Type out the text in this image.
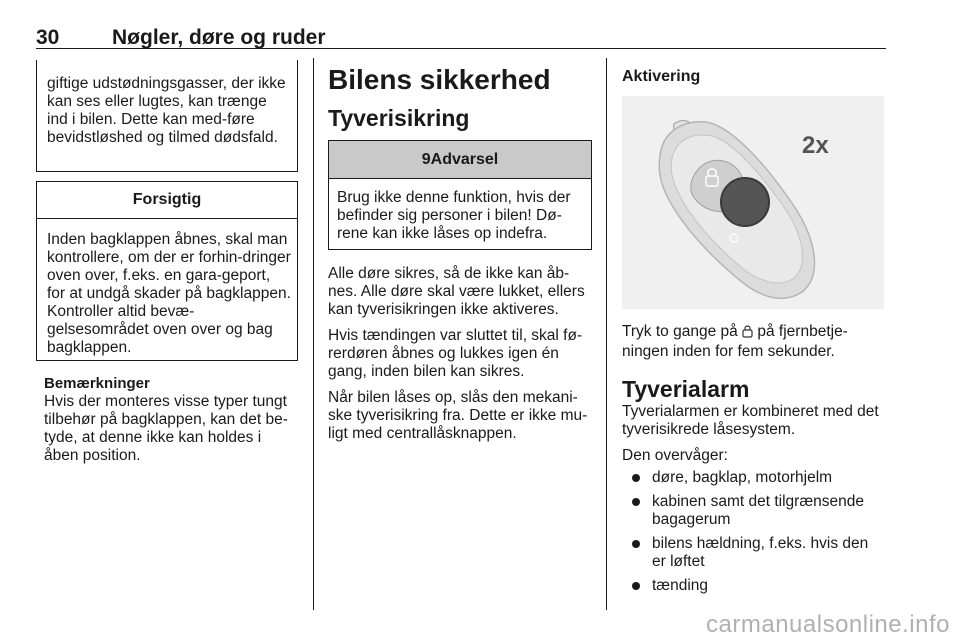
30	Nøgler, døre og ruder

giftige udstødningsgasser, der ikke kan ses eller lugtes, kan trænge ind i bilen. Dette kan med-føre bevidstløshed og tilmed dødsfald.

Forsigtig

Inden bagklappen åbnes, skal man kontrollere, om der er forhin-dringer oven over, f.eks. en gara-geport, for at undgå skader på bagklappen. Kontroller altid bevæ-gelsesområdet oven over og bag bagklappen.

Bemærkninger

Hvis der monteres visse typer tungt tilbehør på bagklappen, kan det be-tyde, at denne ikke kan holdes i åben position.

Bilens sikkerhed
Tyverisikring
9Advarsel

Brug ikke denne funktion, hvis der befinder sig personer i bilen! Dø-rene kan ikke låses op indefra.

Alle døre sikres, så de ikke kan åb-nes. Alle døre skal være lukket, ellers kan tyverisikringen ikke aktiveres.

Hvis tændingen var sluttet til, skal fø-rerdøren åbnes og lukkes igen én gang, inden bilen kan sikres.

Når bilen låses op, slås den mekani-ske tyverisikring fra. Dette er ikke mu-ligt med centrallåsknappen.

Aktivering
2x

Tryk to gange på på fjernbetje-ningen inden for fem sekunder.

Tyverialarm

Tyverialarmen er kombineret med det tyverisikrede låsesystem.

Den overvåger:

døre, bagklap, motorhjelm
kabinen samt det tilgrænsende bagagerum
bilens hældning, f.eks. hvis den er løftet
tænding
carmanualsonline.info
